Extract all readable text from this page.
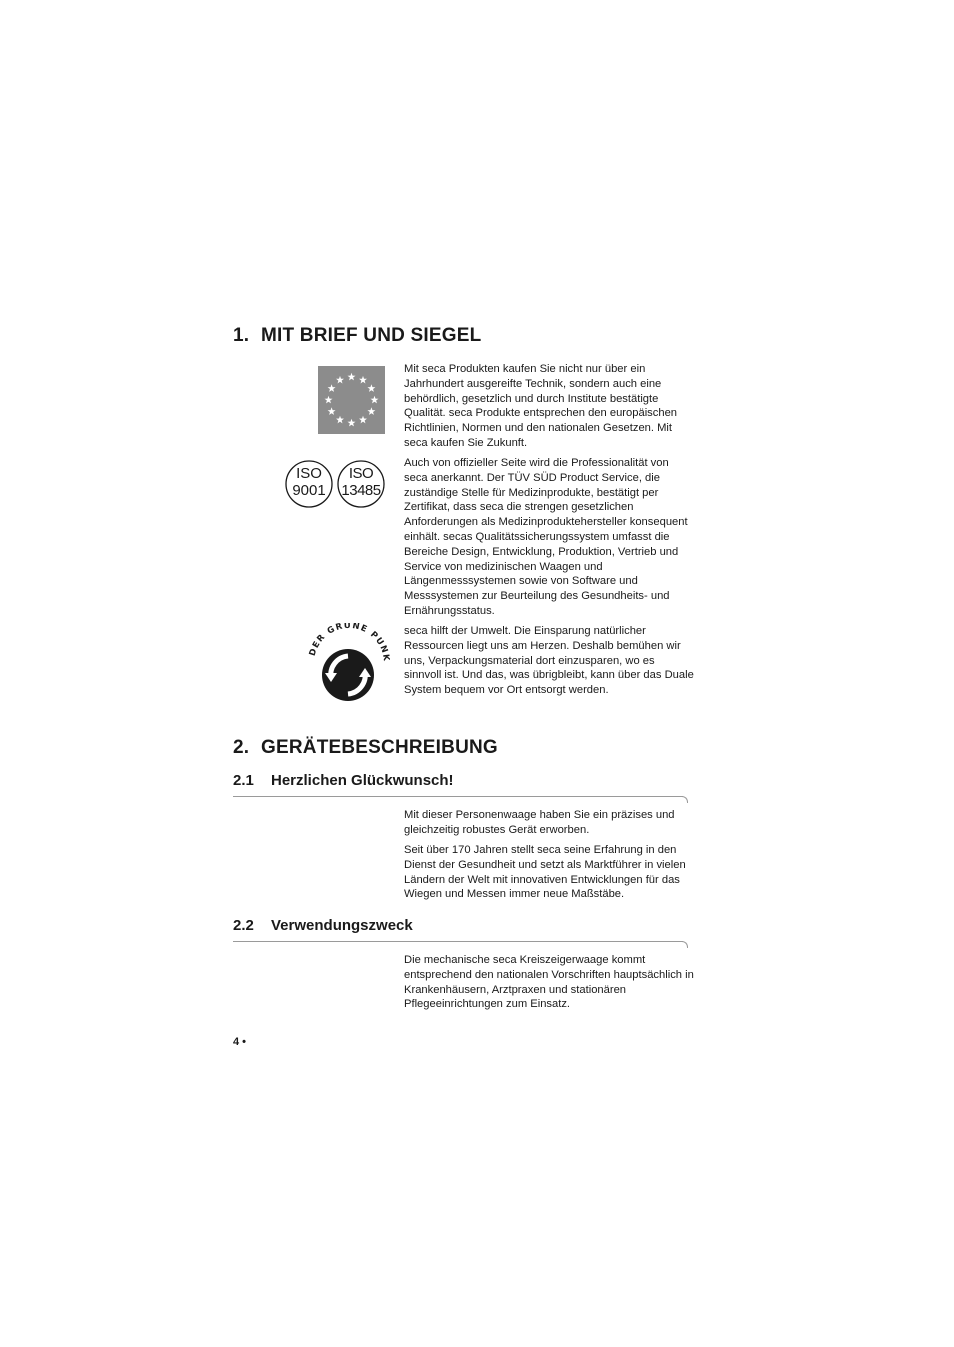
1. MIT BRIEF UND SIEGEL

Mit seca Produkten kaufen Sie nicht nur über ein Jahrhundert ausgereifte Technik, sondern auch eine behördlich, gesetzlich und durch Institute bestätigte Qualität. seca Produkte entsprechen den europäischen Richtlinien, Normen und den nationalen Gesetzen. Mit seca kaufen Sie Zukunft.

ISO
9001
ISO
13485

Auch von offizieller Seite wird die Professionalität von seca anerkannt. Der TÜV SÜD Product Service, die zuständige Stelle für Medizinprodukte, bestätigt per Zertifikat, dass seca die strengen gesetzlichen Anforderungen als Medizinproduktehersteller konsequent einhält. secas Qualitätssicherungssystem umfasst die Bereiche Design, Entwicklung, Produktion, Vertrieb und Service von medizinischen Waagen und Längenmesssystemen sowie von Software und Messsystemen zur Beurteilung des Gesundheits- und Ernährungsstatus.

DER GRÜNE PUN

seca hilft der Umwelt. Die Einsparung natürlicher Ressourcen liegt uns am Herzen. Deshalb bemühen wir uns, Verpackungsmaterial dort einzusparen, wo es sinnvoll ist. Und das, was übrigbleibt, kann über das Duale System bequem vor Ort entsorgt werden.

2. GERÄTEBESCHREIBUNG
2.1 Herzlichen Glückwunsch!

Mit dieser Personenwaage haben Sie ein präzises und gleichzeitig robustes Gerät erworben.

Seit über 170 Jahren stellt seca seine Erfahrung in den Dienst der Gesundheit und setzt als Marktführer in vielen Ländern der Welt mit innovativen Entwicklungen für das Wiegen und Messen immer neue Maßstäbe.

2.2 Verwendungszweck

Die mechanische seca Kreiszeigerwaage kommt entsprechend den nationalen Vorschriften hauptsächlich in Krankenhäusern, Arztpraxen und stationären Pflegeeinrichtungen zum Einsatz.

4 •
